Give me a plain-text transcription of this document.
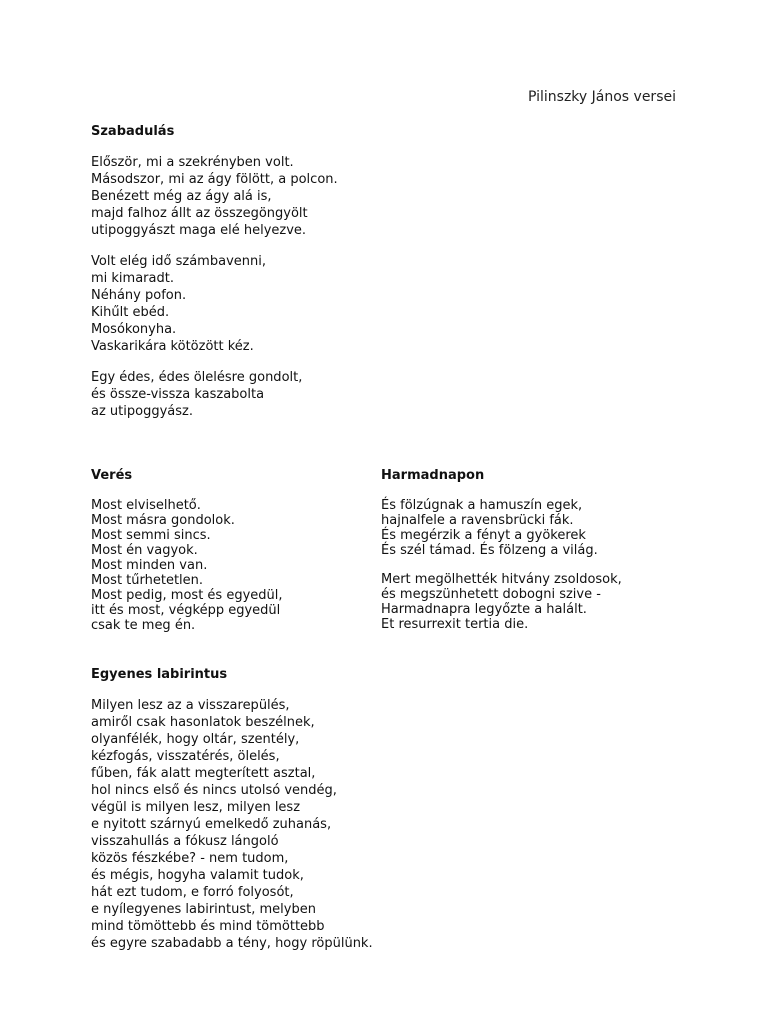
Pilinszky János versei
Szabadulás
Először, mi a szekrényben volt.
Másodszor, mi az ágy fölött, a polcon.
Benézett még az ágy alá is,
majd falhoz állt az összegöngyölt
utipoggyászt maga elé helyezve.
Volt elég idő számbavenni,
mi kimaradt.
Néhány pofon.
Kihűlt ebéd.
Mosókonyha.
Vaskarikára kötözött kéz.
Egy édes, édes ölelésre gondolt,
és össze-vissza kaszabolta
az utipoggyász.
Verés
Most elviselhető.
Most másra gondolok.
Most semmi sincs.
Most én vagyok.
Most minden van.
Most tűrhetetlen.
Most pedig, most és egyedül,
itt és most, végképp egyedül
csak te meg én.
Harmadnapon
És fölzúgnak a hamuszín egek,
hajnalfele a ravensbrücki fák.
És megérzik a fényt a gyökerek
És szél támad. És fölzeng a világ.
Mert megölhették hitvány zsoldosok,
és megszünhetett dobogni szive -
Harmadnapra legyőzte a halált.
Et resurrexit tertia die.
Egyenes labirintus
Milyen lesz az a visszarepülés,
amiről csak hasonlatok beszélnek,
olyanfélék, hogy oltár, szentély,
kézfogás, visszatérés, ölelés,
fűben, fák alatt megterített asztal,
hol nincs első és nincs utolsó vendég,
végül is milyen lesz, milyen lesz
e nyitott szárnyú emelkedő zuhanás,
visszahullás a fókusz lángoló
közös fészkébe? - nem tudom,
és mégis, hogyha valamit tudok,
hát ezt tudom, e forró folyosót,
e nyílegyenes labirintust, melyben
mind tömöttebb és mind tömöttebb
és egyre szabadabb a tény, hogy röpülünk.
